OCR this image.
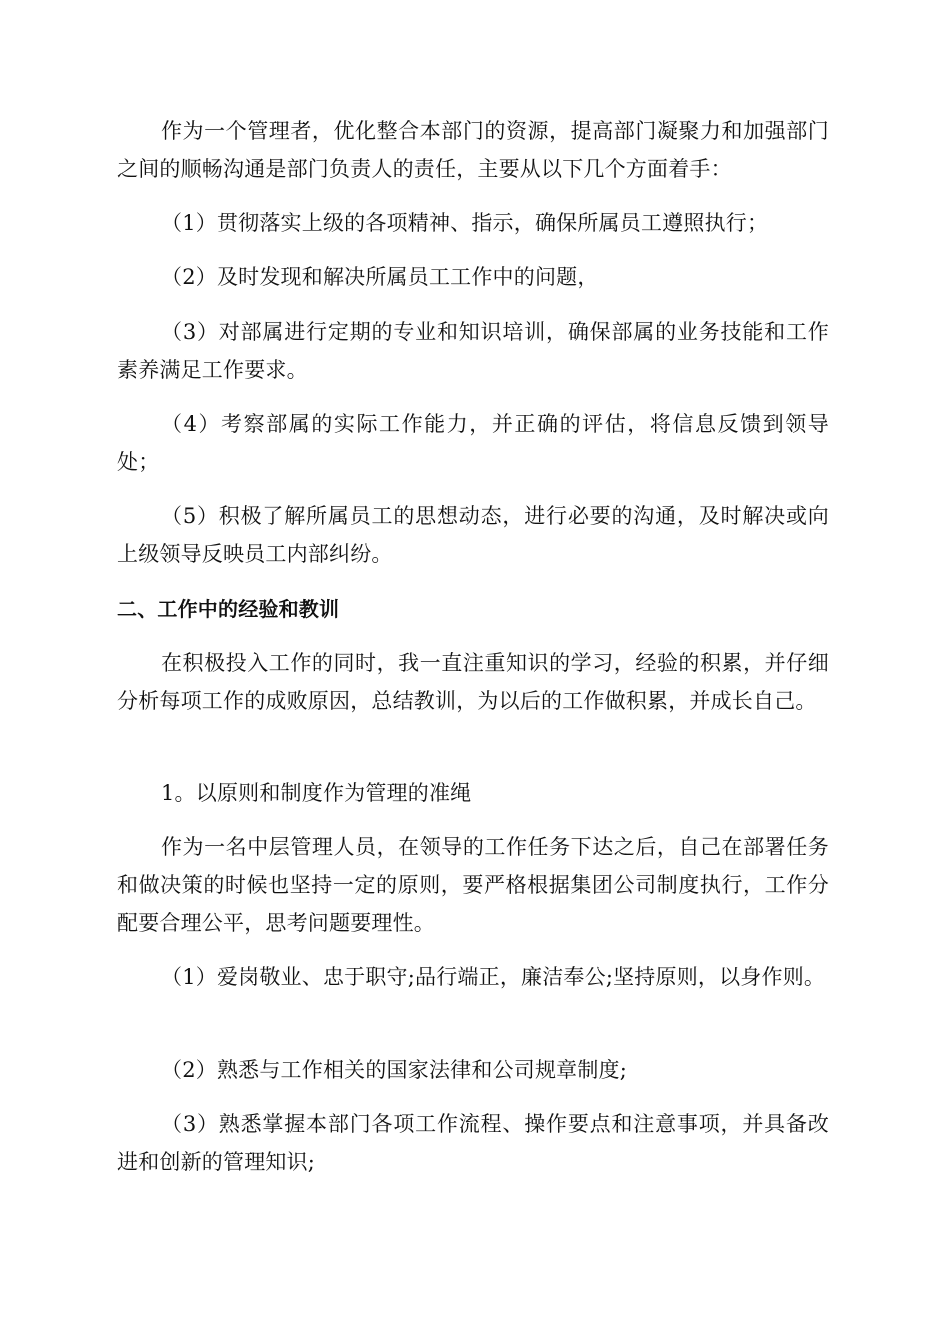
作为一个管理者，优化整合本部门的资源，提高部门凝聚力和加强部门之间的顺畅沟通是部门负责人的责任，主要从以下几个方面着手：

（1）贯彻落实上级的各项精神、指示，确保所属员工遵照执行；

（2）及时发现和解决所属员工工作中的问题，

（3）对部属进行定期的专业和知识培训，确保部属的业务技能和工作素养满足工作要求。

（4）考察部属的实际工作能力，并正确的评估，将信息反馈到领导处；

（5）积极了解所属员工的思想动态，进行必要的沟通，及时解决或向上级领导反映员工内部纠纷。

二、工作中的经验和教训

在积极投入工作的同时，我一直注重知识的学习，经验的积累，并仔细分析每项工作的成败原因，总结教训，为以后的工作做积累，并成长自己。

1。以原则和制度作为管理的准绳

作为一名中层管理人员，在领导的工作任务下达之后，自己在部署任务和做决策的时候也坚持一定的原则，要严格根据集团公司制度执行，工作分配要合理公平，思考问题要理性。

（1）爱岗敬业、忠于职守;品行端正，廉洁奉公;坚持原则，以身作则。

（2）熟悉与工作相关的国家法律和公司规章制度;

（3）熟悉掌握本部门各项工作流程、操作要点和注意事项，并具备改进和创新的管理知识;
